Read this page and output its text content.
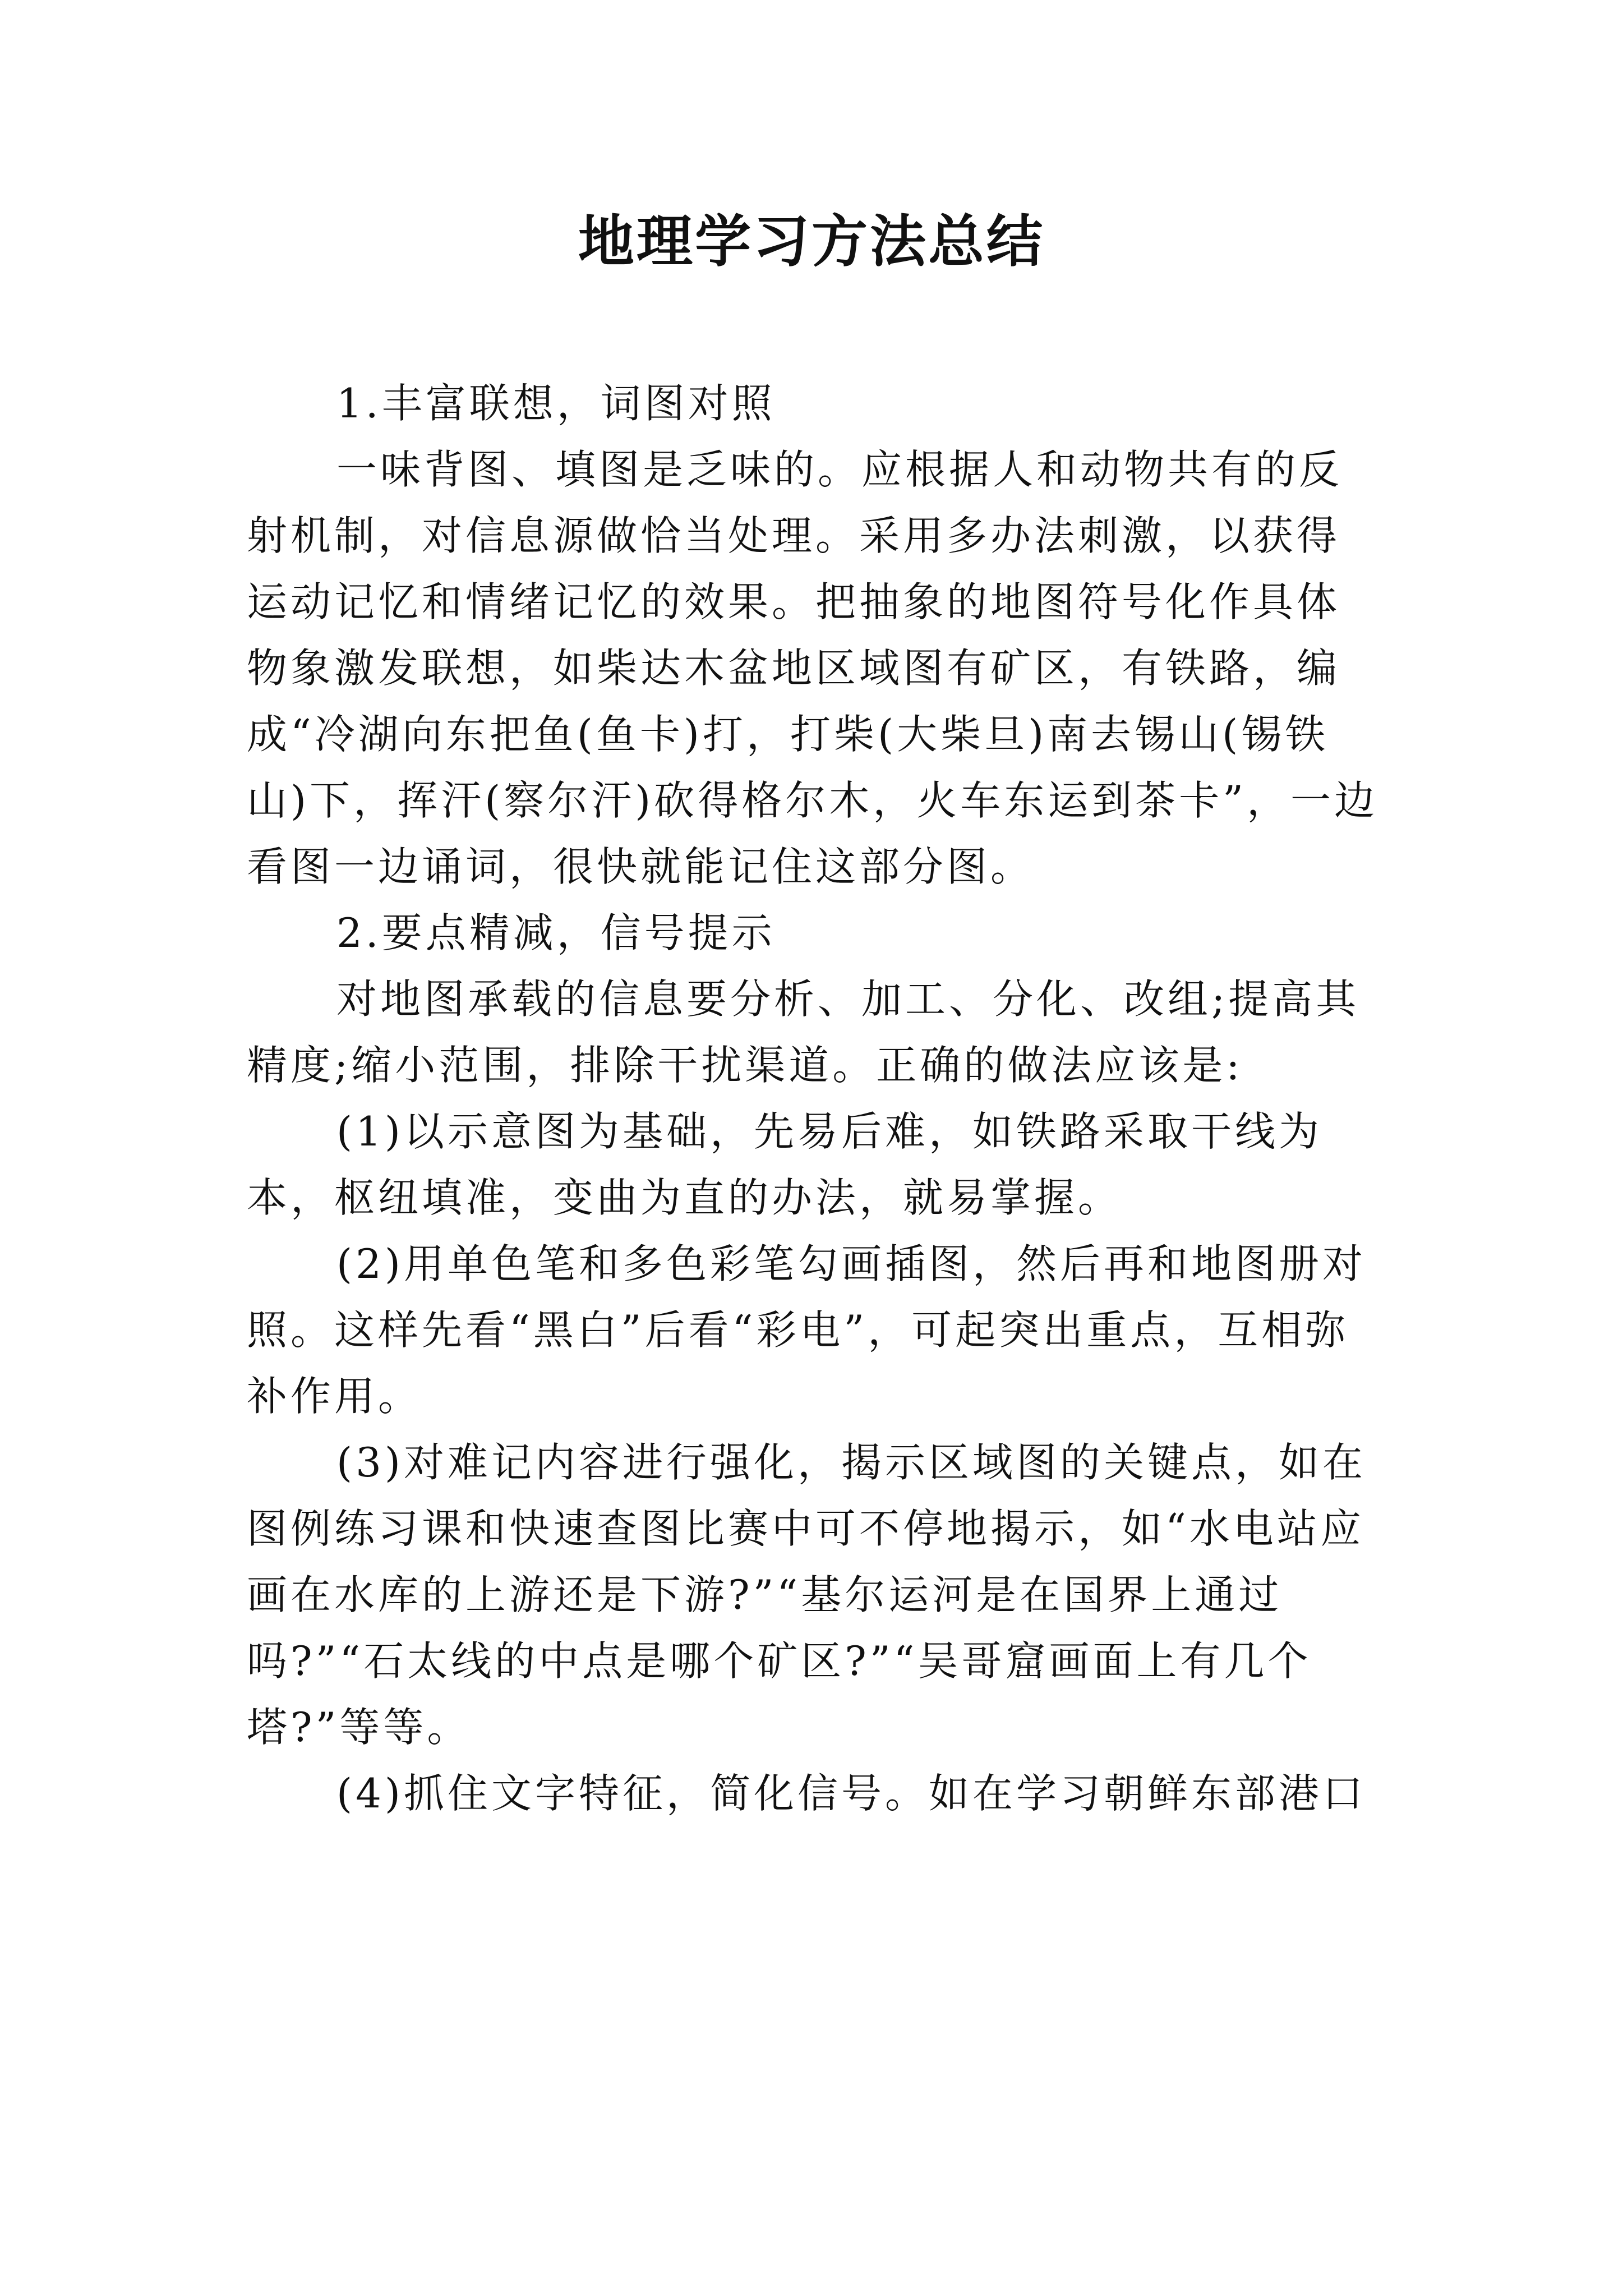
地理学习方法总结

1.丰富联想，词图对照

一味背图、填图是乏味的。应根据人和动物共有的反射机制，对信息源做恰当处理。采用多办法刺激，以获得运动记忆和情绪记忆的效果。把抽象的地图符号化作具体物象激发联想，如柴达木盆地区域图有矿区，有铁路，编成“冷湖向东把鱼(鱼卡)打，打柴(大柴旦)南去锡山(锡铁山)下，挥汗(察尔汗)砍得格尔木，火车东运到茶卡”，一边看图一边诵词，很快就能记住这部分图。

2.要点精减，信号提示

对地图承载的信息要分析、加工、分化、改组;提高其精度;缩小范围，排除干扰渠道。正确的做法应该是:

(1)以示意图为基础，先易后难，如铁路采取干线为本，枢纽填准，变曲为直的办法，就易掌握。

(2)用单色笔和多色彩笔勾画插图，然后再和地图册对照。这样先看“黑白”后看“彩电”，可起突出重点，互相弥补作用。

(3)对难记内容进行强化，揭示区域图的关键点，如在图例练习课和快速查图比赛中可不停地揭示，如“水电站应画在水库的上游还是下游?”“基尔运河是在国界上通过吗?”“石太线的中点是哪个矿区?”“吴哥窟画面上有几个塔?”等等。

(4)抓住文字特征，简化信号。如在学习朝鲜东部港口
